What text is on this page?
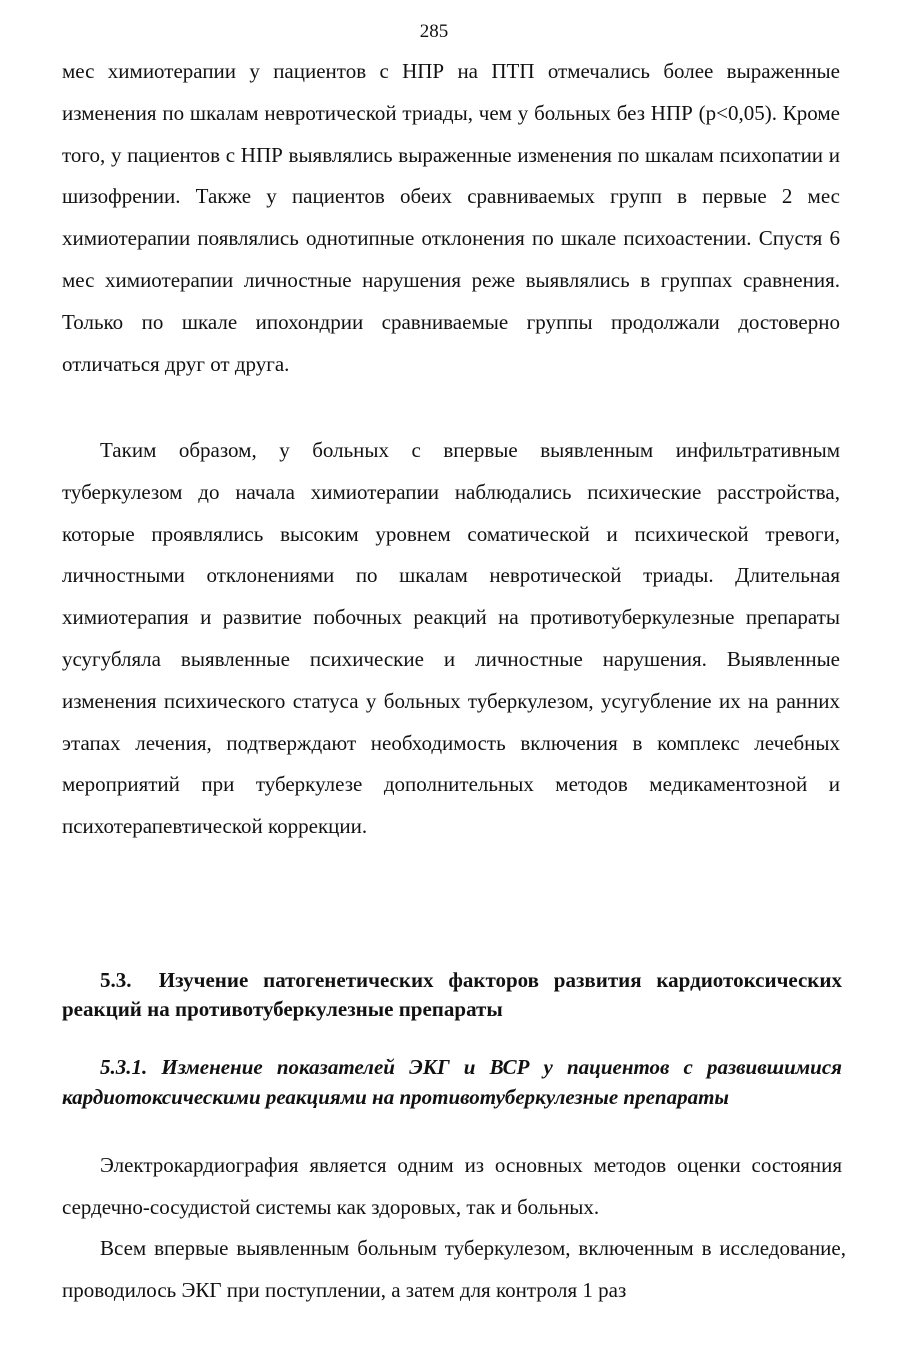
285

мес химиотерапии у пациентов с НПР на ПТП отмечались более выраженные изменения по шкалам невротической триады, чем у больных без НПР (p<0,05). Кроме того, у пациентов с НПР выявлялись выраженные изменения по шкалам психопатии и шизофрении. Также у пациентов обеих сравниваемых групп в первые 2 мес химиотерапии появлялись однотипные отклонения по шкале психоастении. Спустя 6 мес химиотерапии личностные нарушения реже выявлялись в группах сравнения. Только по шкале ипохондрии сравниваемые группы продолжали достоверно отличаться друг от друга.

Таким образом, у больных с впервые выявленным инфильтративным туберкулезом до начала химиотерапии наблюдались психические расстройства, которые проявлялись высоким уровнем соматической и психической тревоги, личностными отклонениями по шкалам невротической триады. Длительная химиотерапия и развитие побочных реакций на противотуберкулезные препараты усугубляла выявленные психические и личностные нарушения. Выявленные изменения психического статуса у больных туберкулезом, усугубление их на ранних этапах лечения, подтверждают необходимость включения в комплекс лечебных мероприятий при туберкулезе дополнительных методов медикаментозной и психотерапевтической коррекции.

5.3. Изучение патогенетических факторов развития кардиотоксических реакций на противотуберкулезные препараты
5.3.1. Изменение показателей ЭКГ и ВСР у пациентов с развившимися кардиотоксическими реакциями на противотуберкулезные препараты

Электрокардиография является одним из основных методов оценки состояния сердечно-сосудистой системы как здоровых, так и больных.

Всем впервые выявленным больным туберкулезом, включенным в исследование, проводилось ЭКГ при поступлении, а затем для контроля 1 раз
